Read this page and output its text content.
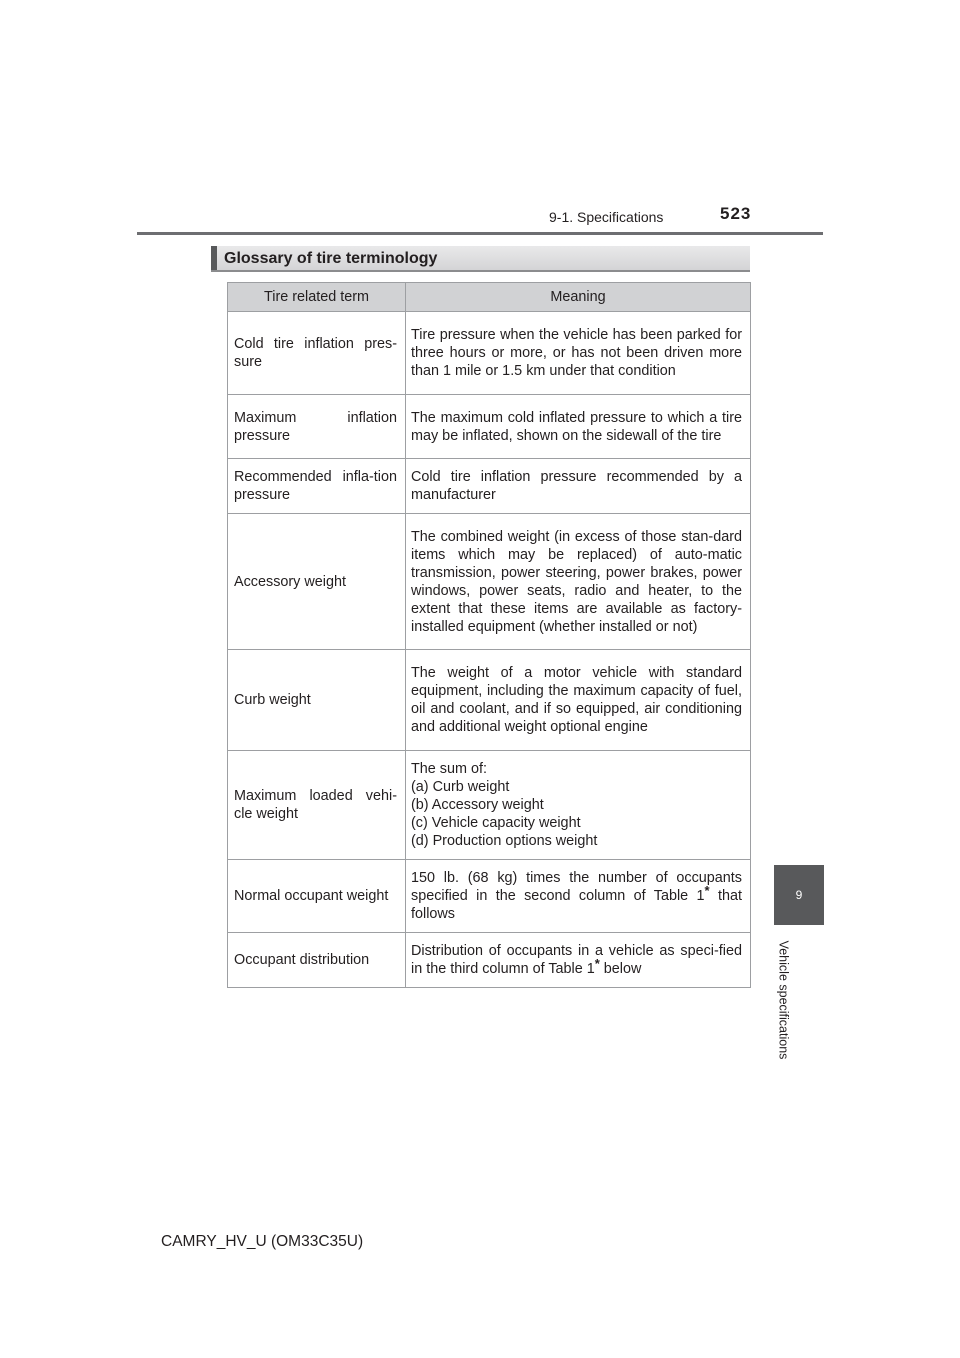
9-1. Specifications	523
9
Vehicle specifications
Glossary of tire terminology
Tire related term	Meaning
Cold tire inflation pres-sure	Tire pressure when the vehicle has been parked for three hours or more, or has not been driven more than 1 mile or 1.5 km under that condition
Maximum inflation pressure	The maximum cold inflated pressure to which a tire may be inflated, shown on the sidewall of the tire
Recommended infla-tion pressure	Cold tire inflation pressure recommended by a manufacturer
Accessory weight	The combined weight (in excess of those stan-dard items which may be replaced) of auto-matic transmission, power steering, power brakes, power windows, power seats, radio and heater, to the extent that these items are available as factory-installed equipment (whether installed or not)
Curb weight	The weight of a motor vehicle with standard equipment, including the maximum capacity of fuel, oil and coolant, and if so equipped, air conditioning and additional weight optional engine
Maximum loaded vehi-cle weight	The sum of:
(a) Curb weight
(b) Accessory weight
(c) Vehicle capacity weight
(d) Production options weight

Normal occupant weight	150 lb. (68 kg) times the number of occupants specified in the second column of Table 1* that follows
Occupant distribution	Distribution of occupants in a vehicle as speci-fied in the third column of Table 1* below
CAMRY_HV_U (OM33C35U)
